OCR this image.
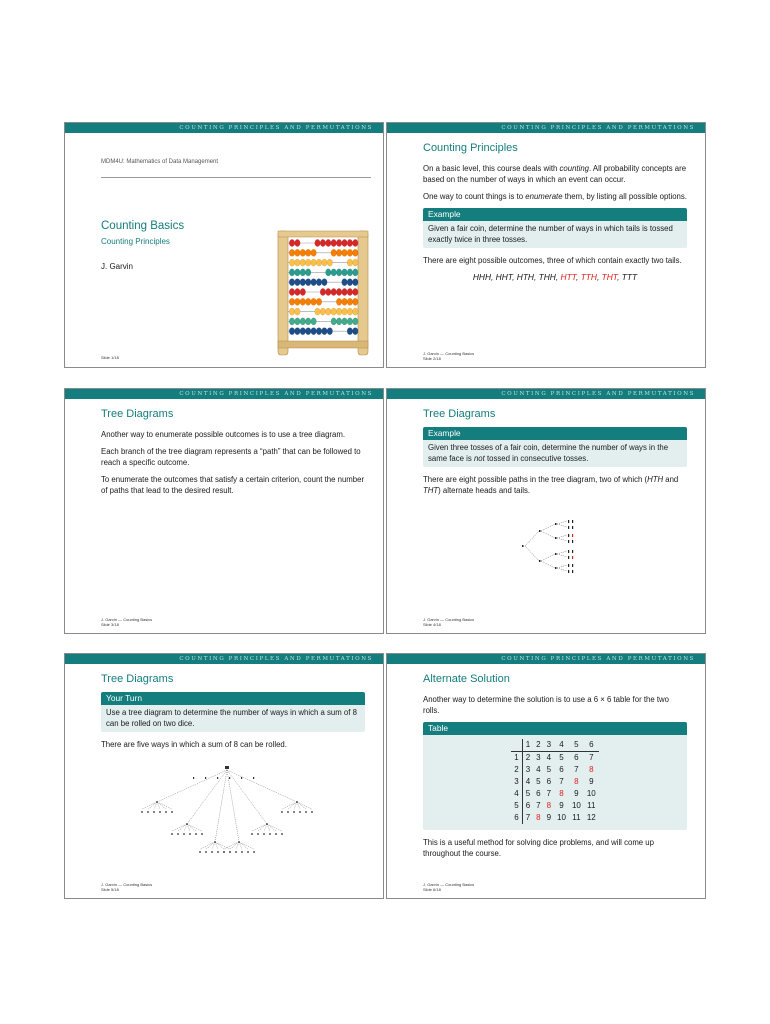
COUNTING PRINCIPLES AND PERMUTATIONS
MDM4U: Mathematics of Data Management
Counting Basics
Counting Principles
J. Garvin
Slide 1/18
COUNTING PRINCIPLES AND PERMUTATIONS
Counting Principles

On a basic level, this course deals with counting. All probability concepts are based on the number of ways in which an event can occur.

One way to count things is to enumerate them, by listing all possible options.

Example
Given a fair coin, determine the number of ways in which tails is tossed exactly twice in three tosses.

There are eight possible outcomes, three of which contain exactly two tails.

HHH, HHT, HTH, THH, HTT, TTH, THT, TTT
J. Garvin — Counting Basics
Slide 2/18
COUNTING PRINCIPLES AND PERMUTATIONS
Tree Diagrams

Another way to enumerate possible outcomes is to use a tree diagram.

Each branch of the tree diagram represents a “path” that can be followed to reach a specific outcome.

To enumerate the outcomes that satisfy a certain criterion, count the number of paths that lead to the desired result.

J. Garvin — Counting Basics
Slide 3/18
COUNTING PRINCIPLES AND PERMUTATIONS
Tree Diagrams
Example
Given three tosses of a fair coin, determine the number of ways in the same face is not tossed in consecutive tosses.

There are eight possible paths in the tree diagram, two of which (HTH and THT) alternate heads and tails.

J. Garvin — Counting Basics
Slide 4/18
COUNTING PRINCIPLES AND PERMUTATIONS
Tree Diagrams
Your Turn
Use a tree diagram to determine the number of ways in which a sum of 8 can be rolled on two dice.

There are five ways in which a sum of 8 can be rolled.

J. Garvin — Counting Basics
Slide 5/18
COUNTING PRINCIPLES AND PERMUTATIONS
Alternate Solution

Another way to determine the solution is to use a 6 × 6 table for the two rolls.

Table
	1	2	3	4	5	6
1	2	3	4	5	6	7
2	3	4	5	6	7	8
3	4	5	6	7	8	9
4	5	6	7	8	9	10
5	6	7	8	9	10	11
6	7	8	9	10	11	12

This is a useful method for solving dice problems, and will come up throughout the course.

J. Garvin — Counting Basics
Slide 6/18
